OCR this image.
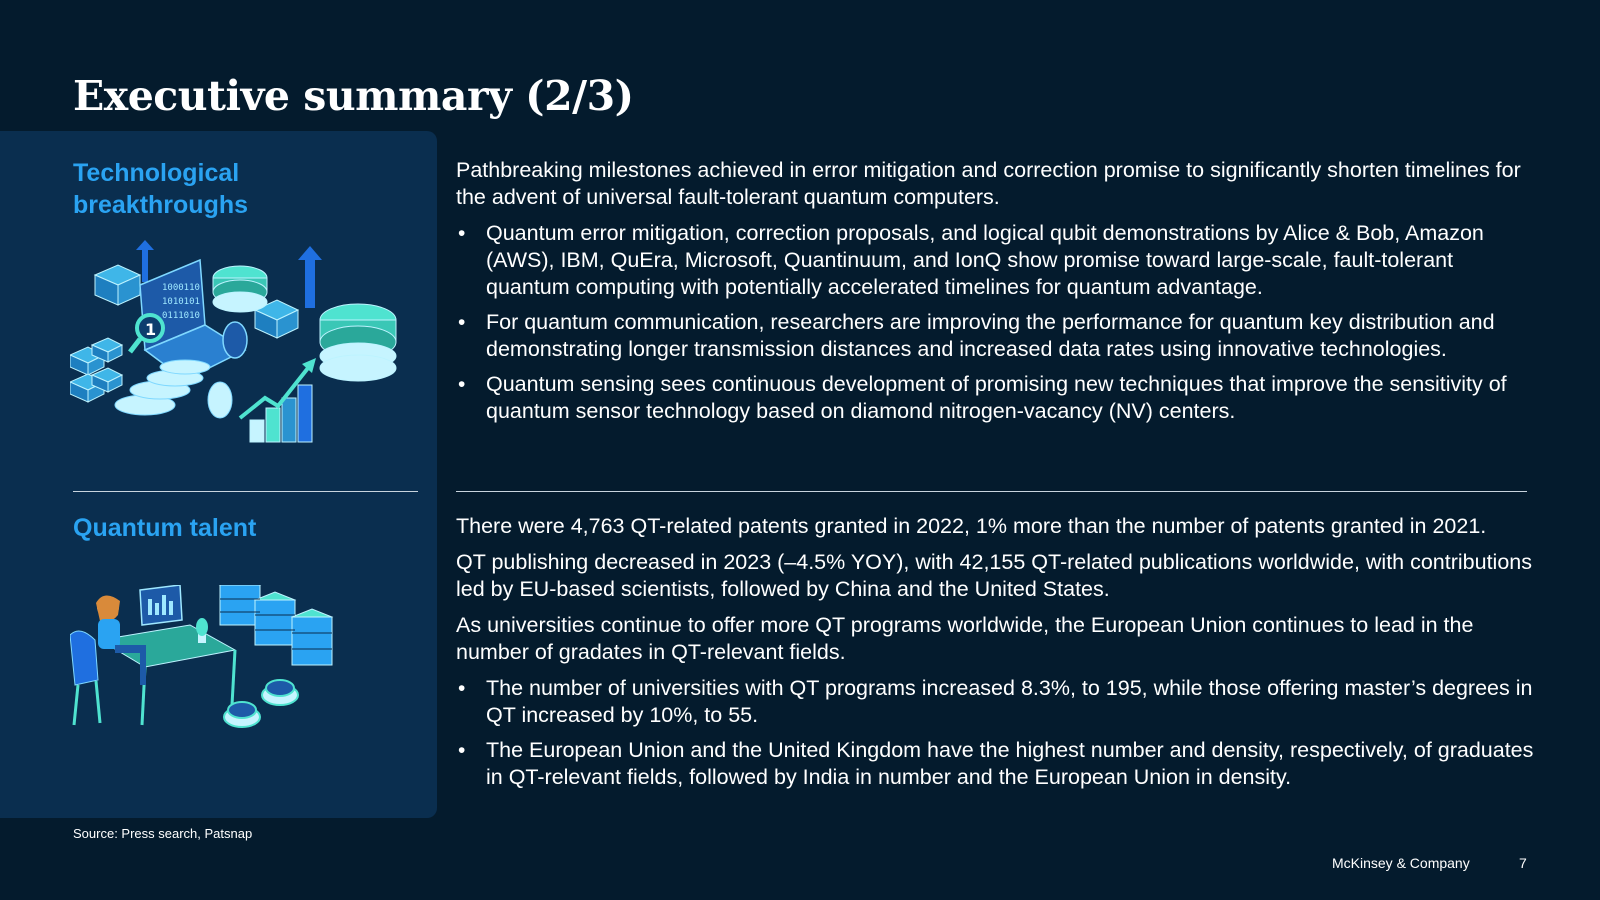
Executive summary (2/3)
Technological breakthroughs
1000110
1010101
0111010
1
Quantum talent

Pathbreaking milestones achieved in error mitigation and correction promise to significantly shorten timelines for the advent of universal fault-tolerant quantum computers.

• Quantum error mitigation, correction proposals, and logical qubit demonstrations by Alice & Bob, Amazon (AWS), IBM, QuEra, Microsoft, Quantinuum, and IonQ show promise toward large-scale, fault-tolerant quantum computing with potentially accelerated timelines for quantum advantage.
• For quantum communication, researchers are improving the performance for quantum key distribution and demonstrating longer transmission distances and increased data rates using innovative technologies.
• Quantum sensing sees continuous development of promising new techniques that improve the sensitivity of quantum sensor technology based on diamond nitrogen-vacancy (NV) centers.

There were 4,763 QT-related patents granted in 2022, 1% more than the number of patents granted in 2021.

QT publishing decreased in 2023 (–4.5% YOY), with 42,155 QT-related publications worldwide, with contributions led by EU-based scientists, followed by China and the United States.

As universities continue to offer more QT programs worldwide, the European Union continues to lead in the number of gradates in QT-relevant fields.

• The number of universities with QT programs increased 8.3%, to 195, while those offering master’s degrees in QT increased by 10%, to 55.
• The European Union and the United Kingdom have the highest number and density, respectively, of graduates in QT-relevant fields, followed by India in number and the European Union in density.
Source: Press search, Patsnap
McKinsey & Company	7
